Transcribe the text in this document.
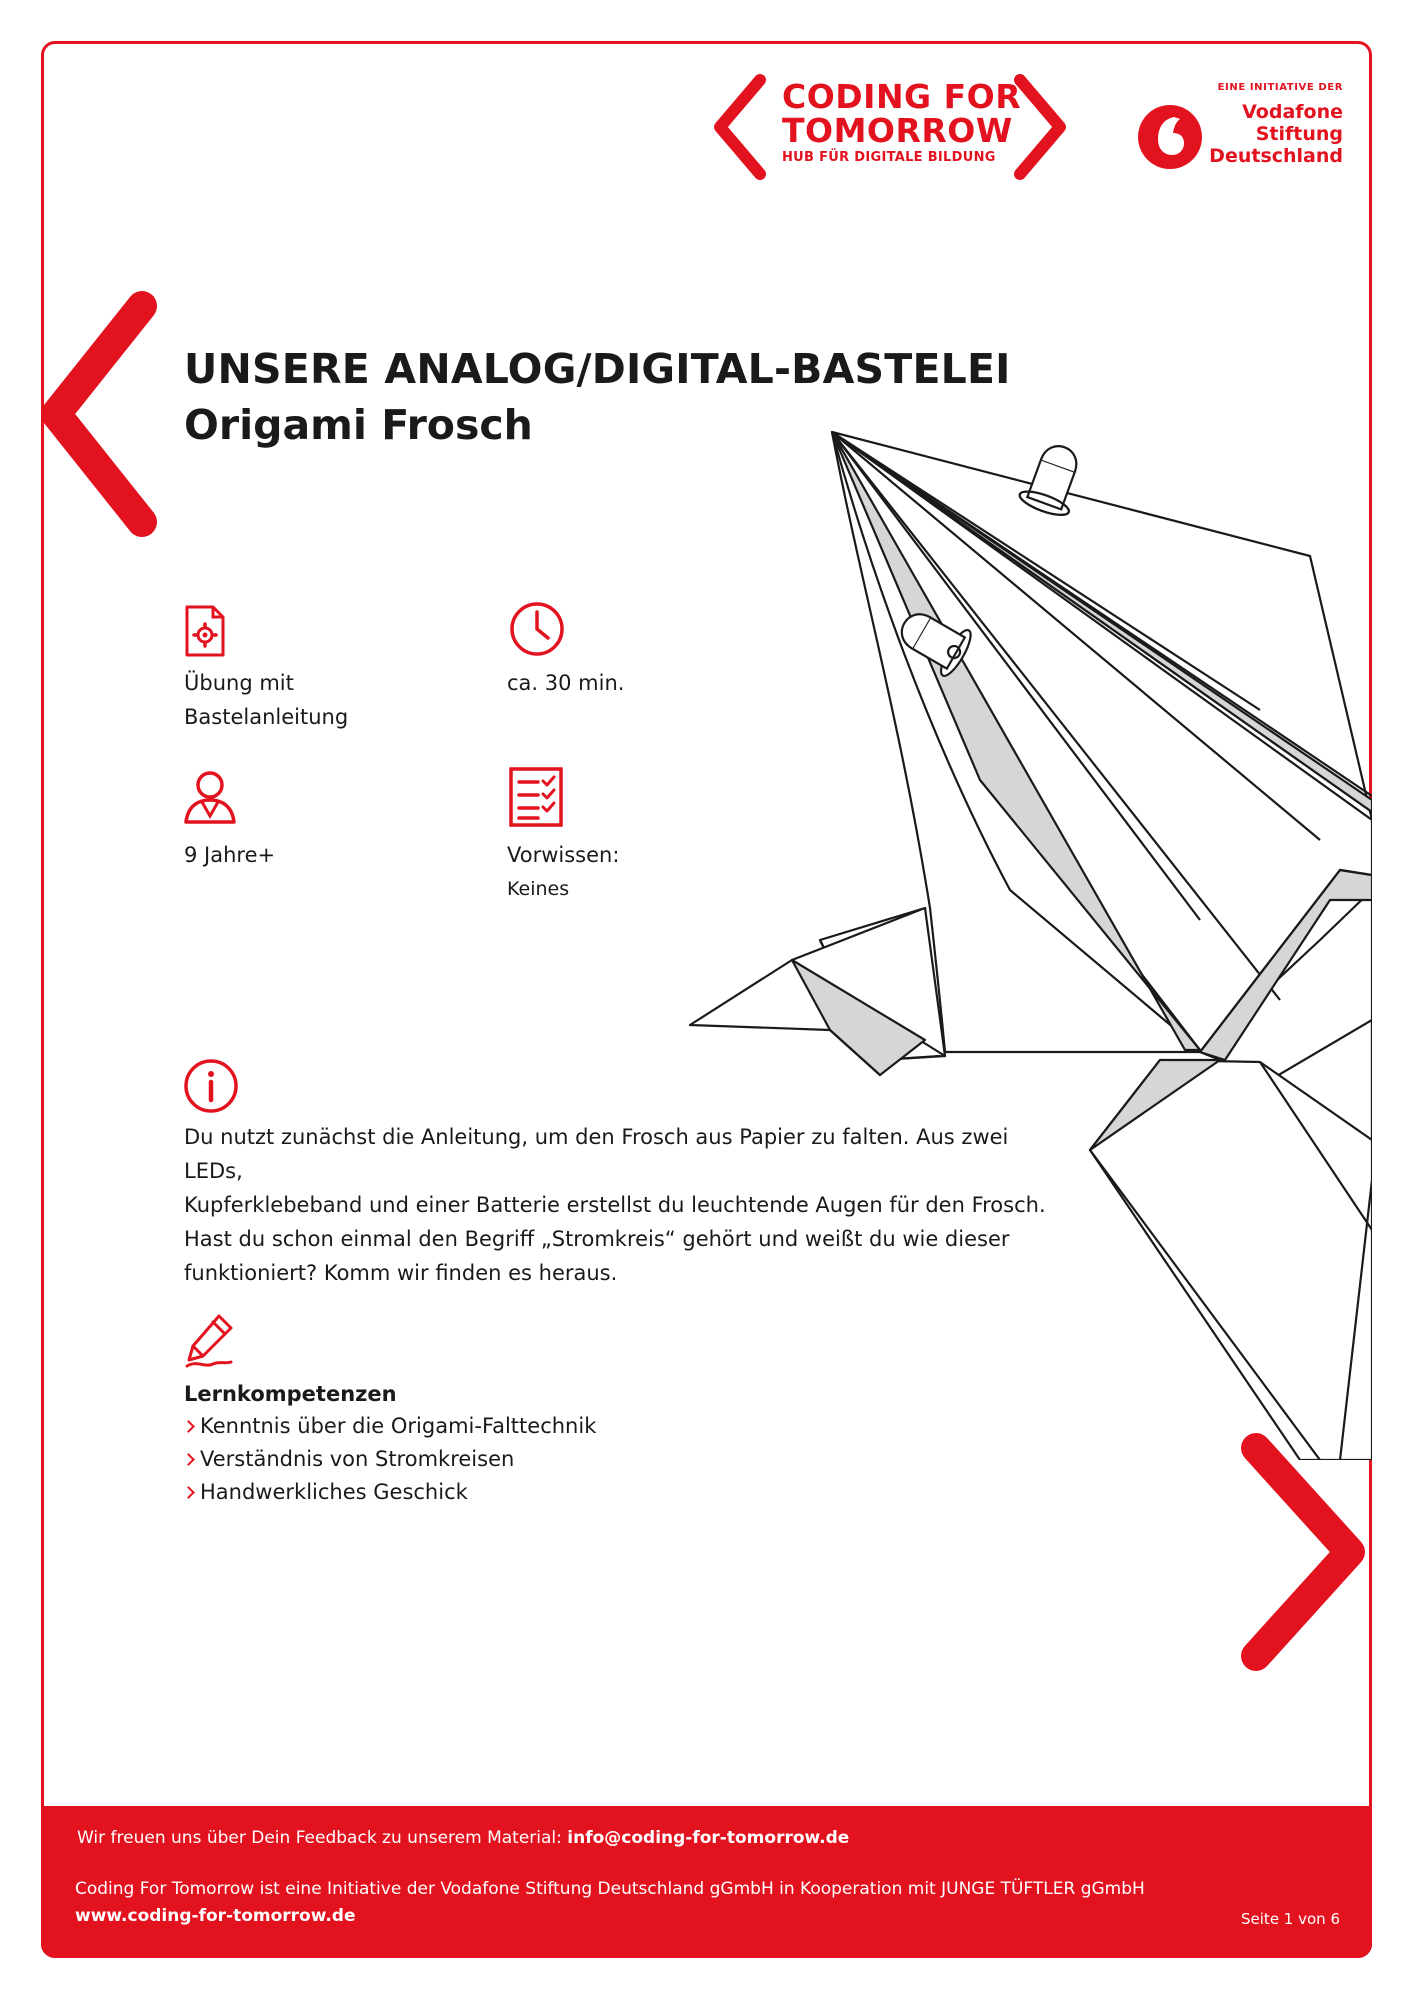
CODING FOR
TOMORROW
HUB FÜR DIGITALE BILDUNG
EINE INITIATIVE DER
Vodafone
Stiftung
Deutschland
UNSERE ANALOG/DIGITAL-BASTELEI
Origami Frosch
Übung mit
Bastelanleitung
ca. 30 min.
9 Jahre+	Vorwissen:
Keines
Du nutzt zunächst die Anleitung, um den Frosch aus Papier zu falten. Aus zwei LEDs,
Kupferklebeband und einer Batterie erstellst du leuchtende Augen für den Frosch.
Hast du schon einmal den Begriff „Stromkreis“ gehört und weißt du wie dieser
funktioniert? Komm wir finden es heraus.
Lernkompetenzen
Kenntnis über die Origami-Falttechnik
Verständnis von Stromkreisen
Handwerkliches Geschick
Wir freuen uns über Dein Feedback zu unserem Material: info@coding-for-tomorrow.de
Coding For Tomorrow ist eine Initiative der Vodafone Stiftung Deutschland gGmbH in Kooperation mit JUNGE TÜFTLER gGmbH
www.coding-for-tomorrow.de	Seite 1 von 6
